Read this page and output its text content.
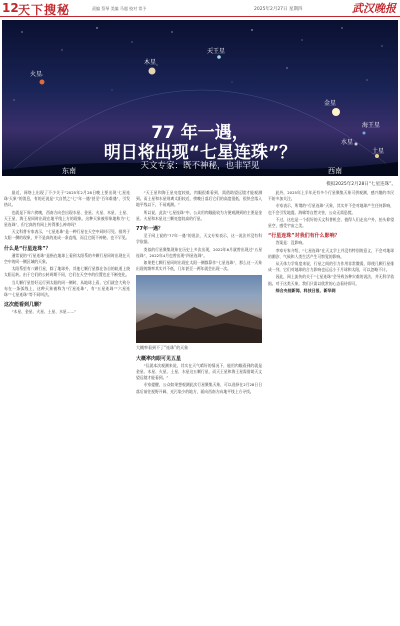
12 天下搜秘	责编 蔡琴 美编 马超 校对 常予	2025年2月27日 星期四	武汉晚报
火星
木星
天王星
金星
海王星
水星
土星
77 年一遇，
明日将出现“七星连珠”？
天文专家：既不神秘，也非罕见
东南	西南
模拟2025年2月28日“七星连珠”。

最近，网络上出现了不少关于“2025年2月28日晚上要出现‘七星连珠’天象”的消息，有的还说是“大自然之“七”年一遇”甚至“百年难遇”，引发热议。

也就是下周六傍晚，西南方向会出现水星、金星、火星、木星、土星、天王星、海王星同时出现在地平线上方的现象。这种天象被形象地称为“七星连珠”，但它真的有网上传得那么神奇吗？

天文科普专家表示，“七星连珠”是一种行星在天空中同时可见、排列于太阳一侧的现象，并不是真的连成一条直线，而且它既不神秘，也不罕见。

什么是“行星连珠”？

通常说的“行星连珠”是指在地球上看到太阳系的多颗行星同时出现在天空中的同一侧区域的天象。

太阳系里有八颗行星，除了地球外，其他七颗行星都在各自的轨道上绕太阳运转。由于它们的公转周期不同，它们在天空中的位置也在不断变化。

当几颗行星恰好运行到太阳的同一侧时，从地球上看，它们就会大致分布在一条弧线上，这种天象被称为“行星连珠”，有“五星连珠”“六星连珠”“七星连珠”等不同叫法。

这次能看到几颗？

“木星、金星、火星、土星、水星……”

“天王星和海王星亮度较低，肉眼很难看到，需借助望远镜才能观测到。而土星和水星则离太阳较近，傍晚日落后它们的高度很低，很快会落入地平线以下，不易观测。”

所以说，此次“七星连珠”中，公众用肉眼能较为方便观测到的主要是金星、火星和木星这三颗亮度较高的行星。

77年一遇？

至于网上说的“77年一遇”的说法，天文专家表示，这一说法并没有科学依据。

类似的行星聚集现象在历史上多次出现，2022年6月就曾出现过“五星连珠”，2022年4月也曾出现“四星连珠”。

如果把七颗行星同时出现在太阳一侧都算作“七星连珠”，那么这一天象出现的频率其实并不低，几年甚至一两年就会出现一次。

大概率看到不了“连珠”的天象

大概率肉眼可见五星

“仅就本次观测来说，其实在天气晴好的情况下，能用肉眼看到的就是金星、木星、火星、土星、水星这五颗行星，而天王星和海王星需借助天文望远镜才能看到。”

专家提醒，公众如果想观测此次行星聚集天象，可以选择在2月28日日落后前往视野开阔、光污染少的地方，面向西南方向地平线上方寻找。

此外，2025年上半年还有多个行星聚集天象可供观测，感兴趣的市民不妨多加关注。

专家表示，所谓的“行星连珠”天象，其实并不会对地球产生任何影响，也不会引发地震、海啸等自然灾害，公众无需恐慌。

不过，这也是一个很好的天文科普机会，值得人们走出户外，抬头仰望星空，感受宇宙之美。

“行星连珠”对我们有什么影响？

答案是：没影响。

李家专家介绍，“七星连珠”在天文学上并没有特别的意义，不会对地球的潮汐、气候和人类生活产生可察觉的影响。

从天体力学角度来说，行星之间的引力作用非常微弱，即使几颗行星排成一列，它们对地球的合力影响也远远小于月球和太阳，可以忽略不计。

因此，网上流传的关于“七星连珠”会导致各种灾难的说法，并无科学依据。对于这类天象，我们只需以欣赏的心态看待即可。

综合央视新闻、科技日报、新华网
